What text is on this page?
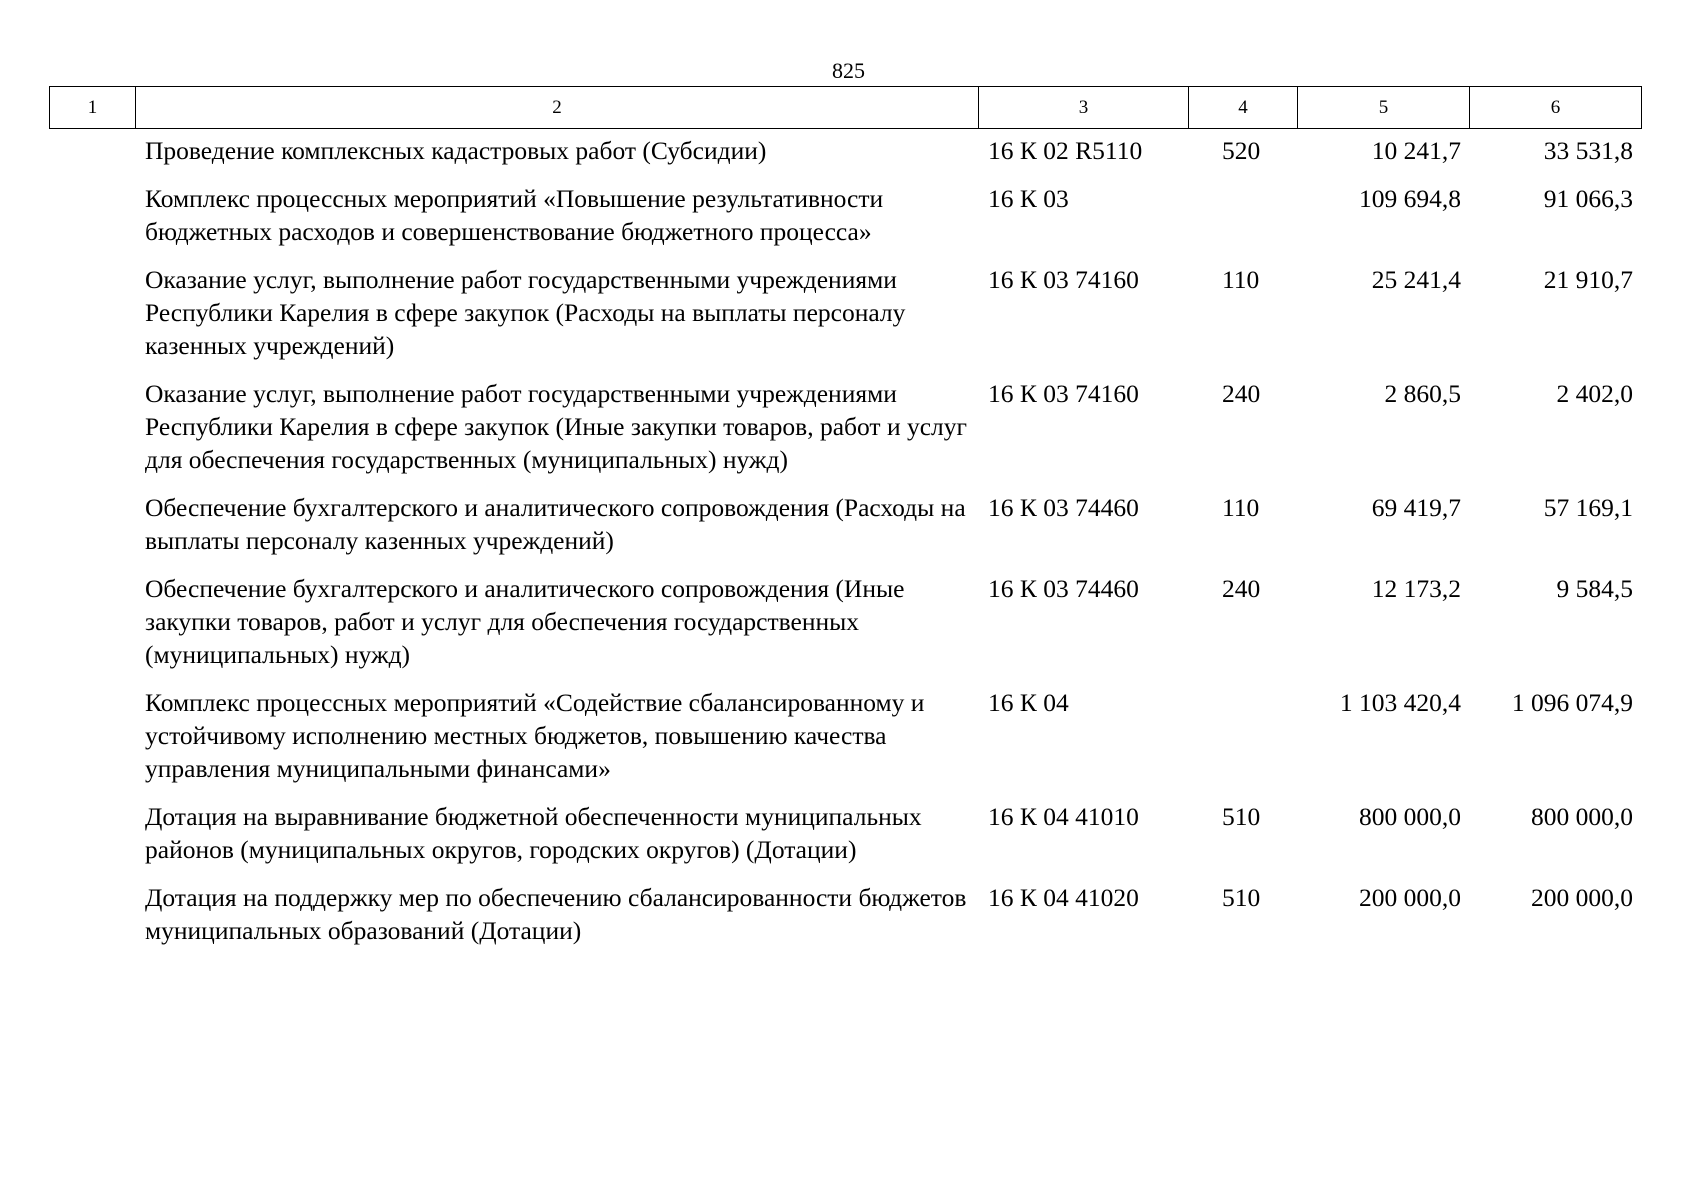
825
1	2	3	4	5	6
	Проведение комплексных кадастровых работ (Субсидии)	16 К 02 R5110	520	10 241,7	33 531,8
	Комплекс процессных мероприятий «Повышение результативности бюджетных расходов и совершенствование бюджетного процесса»	16 К 03		109 694,8	91 066,3
	Оказание услуг, выполнение работ государственными учреждениями Республики Карелия в сфере закупок (Расходы на выплаты персоналу казенных учреждений)	16 К 03 74160	110	25 241,4	21 910,7
	Оказание услуг, выполнение работ государственными учреждениями Республики Карелия в сфере закупок (Иные закупки товаров, работ и услуг для обеспечения государственных (муниципальных) нужд)	16 К 03 74160	240	2 860,5	2 402,0
	Обеспечение бухгалтерского и аналитического сопровождения (Расходы на выплаты персоналу казенных учреждений)	16 К 03 74460	110	69 419,7	57 169,1
	Обеспечение бухгалтерского и аналитического сопровождения (Иные закупки товаров, работ и услуг для обеспечения государственных (муниципальных) нужд)	16 К 03 74460	240	12 173,2	9 584,5
	Комплекс процессных мероприятий «Содействие сбалансированному и устойчивому исполнению местных бюджетов, повышению качества управления муниципальными финансами»	16 К 04		1 103 420,4	1 096 074,9
	Дотация на выравнивание бюджетной обеспеченности муниципальных районов (муниципальных округов, городских округов) (Дотации)	16 К 04 41010	510	800 000,0	800 000,0
	Дотация на поддержку мер по обеспечению сбалансированности бюджетов муниципальных образований (Дотации)	16 К 04 41020	510	200 000,0	200 000,0
